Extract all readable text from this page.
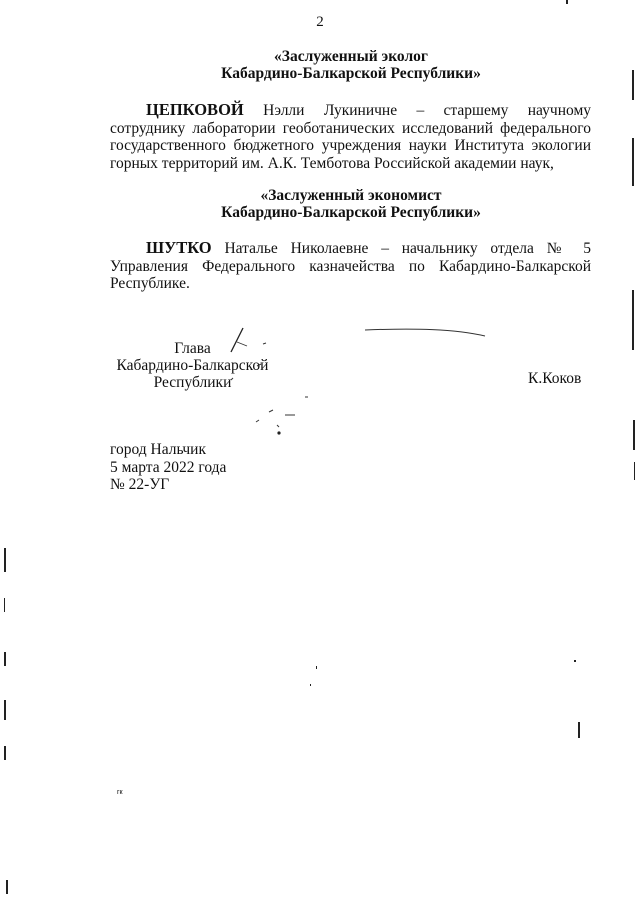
2
«Заслуженный эколог
Кабардино-Балкарской Республики»
ЦЕПКОВОЙ Нэлли Лукиничне – старшему научному сотруднику лаборатории геоботанических исследований федерального государственного бюджетного учреждения науки Института экологии горных территорий им. А.К. Темботова Российской академии наук,
«Заслуженный экономист
Кабардино-Балкарской Республики»
ШУТКО Наталье Николаевне – начальнику отдела № 5 Управления Федерального казначейства по Кабардино-Балкарской Республике.
Глава
Кабардино-Балкарской
Республики	К.Коков
город Нальчик
5 марта 2022 года
№ 22-УГ
гк
